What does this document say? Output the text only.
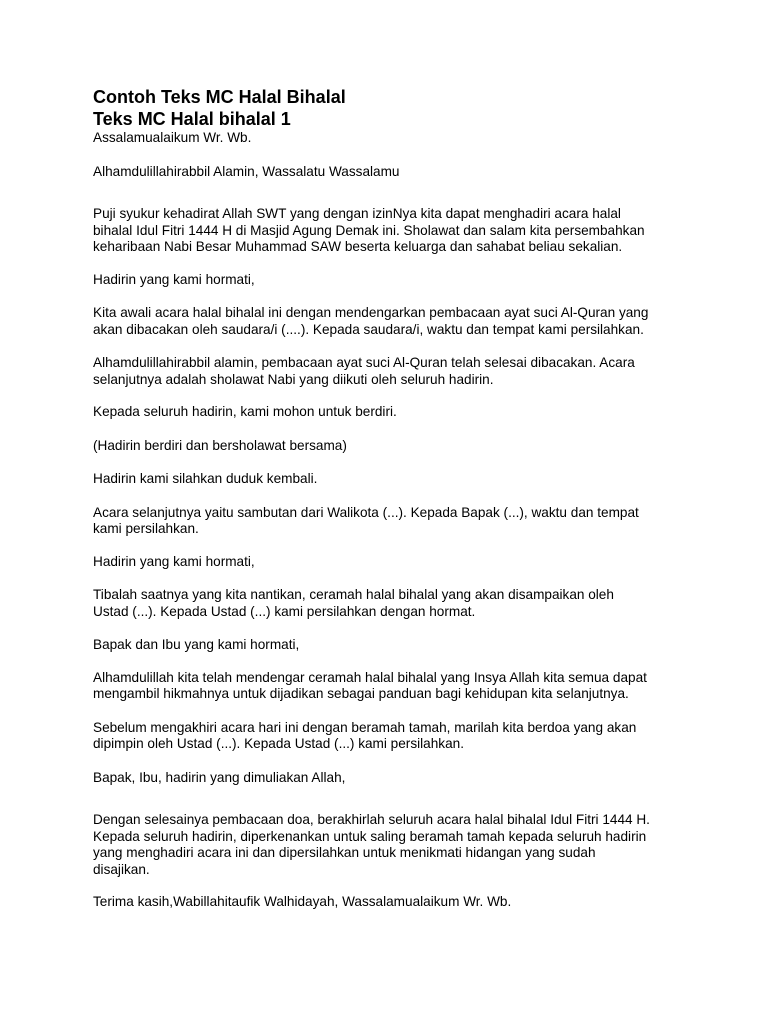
Contoh Teks MC Halal Bihalal
Teks MC Halal bihalal 1

Assalamualaikum Wr. Wb.

Alhamdulillahirabbil Alamin, Wassalatu Wassalamu

Puji syukur kehadirat Allah SWT yang dengan izinNya kita dapat menghadiri acara halal
bihalal Idul Fitri 1444 H di Masjid Agung Demak ini. Sholawat dan salam kita persembahkan
keharibaan Nabi Besar Muhammad SAW beserta keluarga dan sahabat beliau sekalian.

Hadirin yang kami hormati,

Kita awali acara halal bihalal ini dengan mendengarkan pembacaan ayat suci Al-Quran yang
akan dibacakan oleh saudara/i (....). Kepada saudara/i, waktu dan tempat kami persilahkan.

Alhamdulillahirabbil alamin, pembacaan ayat suci Al-Quran telah selesai dibacakan. Acara
selanjutnya adalah sholawat Nabi yang diikuti oleh seluruh hadirin.

Kepada seluruh hadirin, kami mohon untuk berdiri.

(Hadirin berdiri dan bersholawat bersama)

Hadirin kami silahkan duduk kembali.

Acara selanjutnya yaitu sambutan dari Walikota (...). Kepada Bapak (...), waktu dan tempat
kami persilahkan.

Hadirin yang kami hormati,

Tibalah saatnya yang kita nantikan, ceramah halal bihalal yang akan disampaikan oleh
Ustad (...). Kepada Ustad (...) kami persilahkan dengan hormat.

Bapak dan Ibu yang kami hormati,

Alhamdulillah kita telah mendengar ceramah halal bihalal yang Insya Allah kita semua dapat
mengambil hikmahnya untuk dijadikan sebagai panduan bagi kehidupan kita selanjutnya.

Sebelum mengakhiri acara hari ini dengan beramah tamah, marilah kita berdoa yang akan
dipimpin oleh Ustad (...). Kepada Ustad (...) kami persilahkan.

Bapak, Ibu, hadirin yang dimuliakan Allah,

Dengan selesainya pembacaan doa, berakhirlah seluruh acara halal bihalal Idul Fitri 1444 H.
Kepada seluruh hadirin, diperkenankan untuk saling beramah tamah kepada seluruh hadirin
yang menghadiri acara ini dan dipersilahkan untuk menikmati hidangan yang sudah
disajikan.

Terima kasih,Wabillahitaufik Walhidayah, Wassalamualaikum Wr. Wb.
